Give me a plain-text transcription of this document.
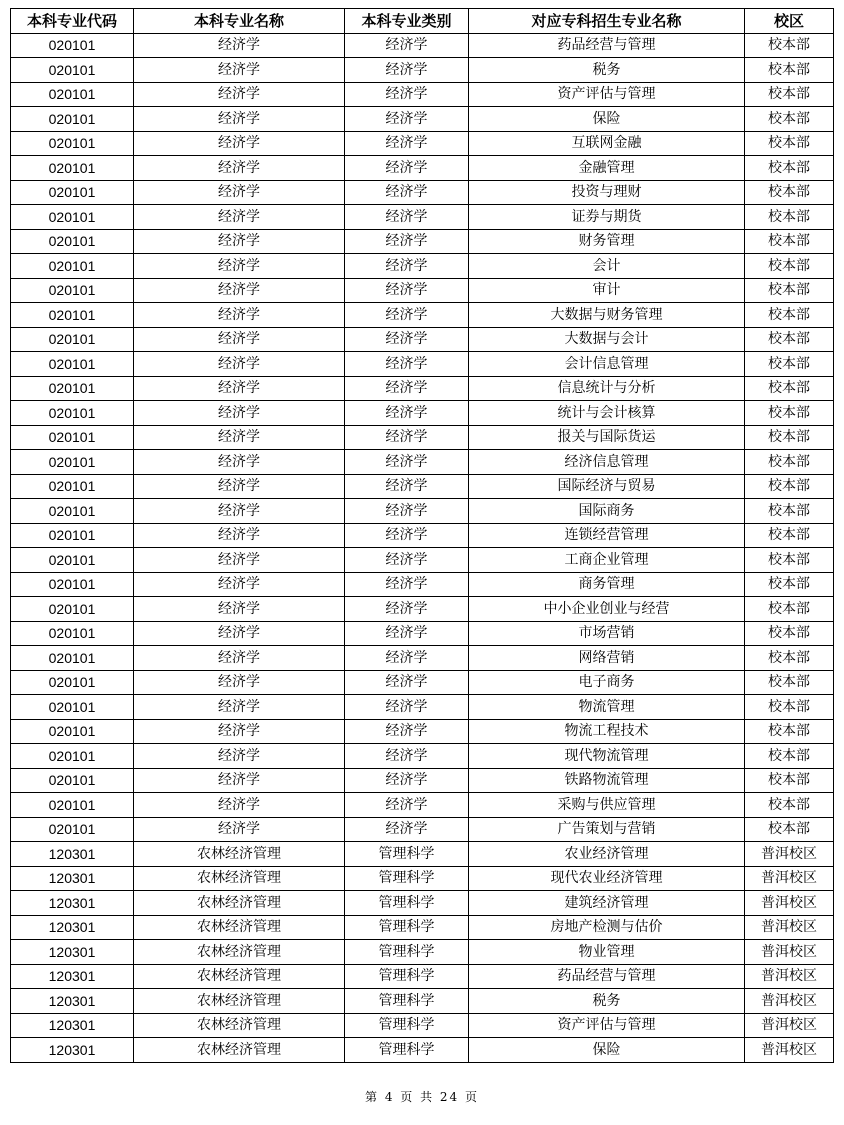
本科专业代码	本科专业名称	本科专业类别	对应专科招生专业名称	校区
020101	经济学	经济学	药品经营与管理	校本部
020101	经济学	经济学	税务	校本部
020101	经济学	经济学	资产评估与管理	校本部
020101	经济学	经济学	保险	校本部
020101	经济学	经济学	互联网金融	校本部
020101	经济学	经济学	金融管理	校本部
020101	经济学	经济学	投资与理财	校本部
020101	经济学	经济学	证券与期货	校本部
020101	经济学	经济学	财务管理	校本部
020101	经济学	经济学	会计	校本部
020101	经济学	经济学	审计	校本部
020101	经济学	经济学	大数据与财务管理	校本部
020101	经济学	经济学	大数据与会计	校本部
020101	经济学	经济学	会计信息管理	校本部
020101	经济学	经济学	信息统计与分析	校本部
020101	经济学	经济学	统计与会计核算	校本部
020101	经济学	经济学	报关与国际货运	校本部
020101	经济学	经济学	经济信息管理	校本部
020101	经济学	经济学	国际经济与贸易	校本部
020101	经济学	经济学	国际商务	校本部
020101	经济学	经济学	连锁经营管理	校本部
020101	经济学	经济学	工商企业管理	校本部
020101	经济学	经济学	商务管理	校本部
020101	经济学	经济学	中小企业创业与经营	校本部
020101	经济学	经济学	市场营销	校本部
020101	经济学	经济学	网络营销	校本部
020101	经济学	经济学	电子商务	校本部
020101	经济学	经济学	物流管理	校本部
020101	经济学	经济学	物流工程技术	校本部
020101	经济学	经济学	现代物流管理	校本部
020101	经济学	经济学	铁路物流管理	校本部
020101	经济学	经济学	采购与供应管理	校本部
020101	经济学	经济学	广告策划与营销	校本部
120301	农林经济管理	管理科学	农业经济管理	普洱校区
120301	农林经济管理	管理科学	现代农业经济管理	普洱校区
120301	农林经济管理	管理科学	建筑经济管理	普洱校区
120301	农林经济管理	管理科学	房地产检测与估价	普洱校区
120301	农林经济管理	管理科学	物业管理	普洱校区
120301	农林经济管理	管理科学	药品经营与管理	普洱校区
120301	农林经济管理	管理科学	税务	普洱校区
120301	农林经济管理	管理科学	资产评估与管理	普洱校区
120301	农林经济管理	管理科学	保险	普洱校区
第 4 页 共 24 页
